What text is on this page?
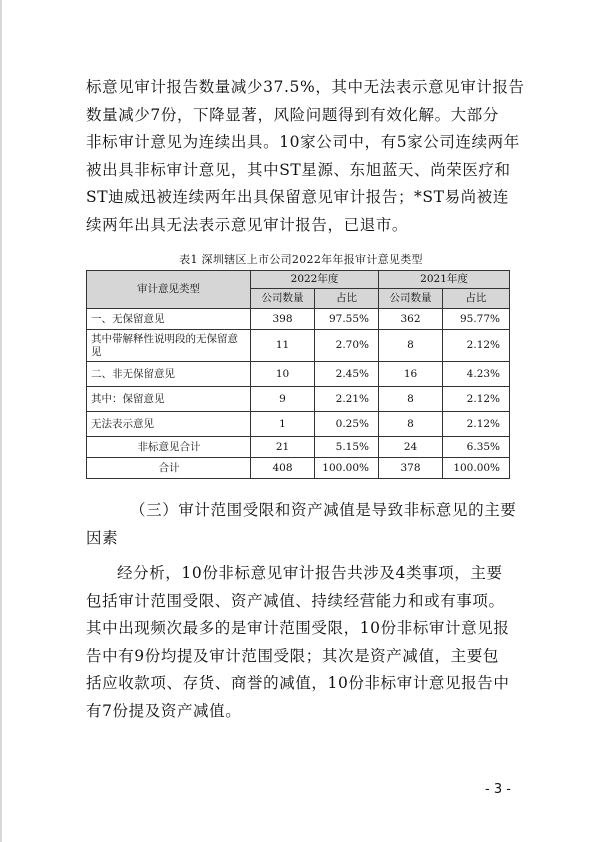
标意见审计报告数量减少37.5%，其中无法表示意见审计报告
数量减少7份，下降显著，风险问题得到有效化解。大部分
非标审计意见为连续出具。10家公司中，有5家公司连续两年
被出具非标审计意见，其中ST星源、东旭蓝天、尚荣医疗和
ST迪威迅被连续两年出具保留意见审计报告；*ST易尚被连
续两年出具无法表示意见审计报告，已退市。
表1 深圳辖区上市公司2022年年报审计意见类型
审计意见类型	2022年度		2021年度	
	公司数量	占比	公司数量	占比
一、无保留意见	398	97.55%	362	95.77%
其中带解释性说明段的无保留意见	11	2.70%	8	2.12%
二、非无保留意见	10	2.45%	16	4.23%
其中：保留意见	9	2.21%	8	2.12%
无法表示意见	1	0.25%	8	2.12%
非标意见合计	21	5.15%	24	6.35%
合计	408	100.00%	378	100.00%
（三）审计范围受限和资产减值是导致非标意见的主要
因素
经分析，10份非标意见审计报告共涉及4类事项，主要
包括审计范围受限、资产减值、持续经营能力和或有事项。
其中出现频次最多的是审计范围受限，10份非标审计意见报
告中有9份均提及审计范围受限；其次是资产减值，主要包
括应收款项、存货、商誉的减值，10份非标审计意见报告中
有7份提及资产减值。
- 3 -
